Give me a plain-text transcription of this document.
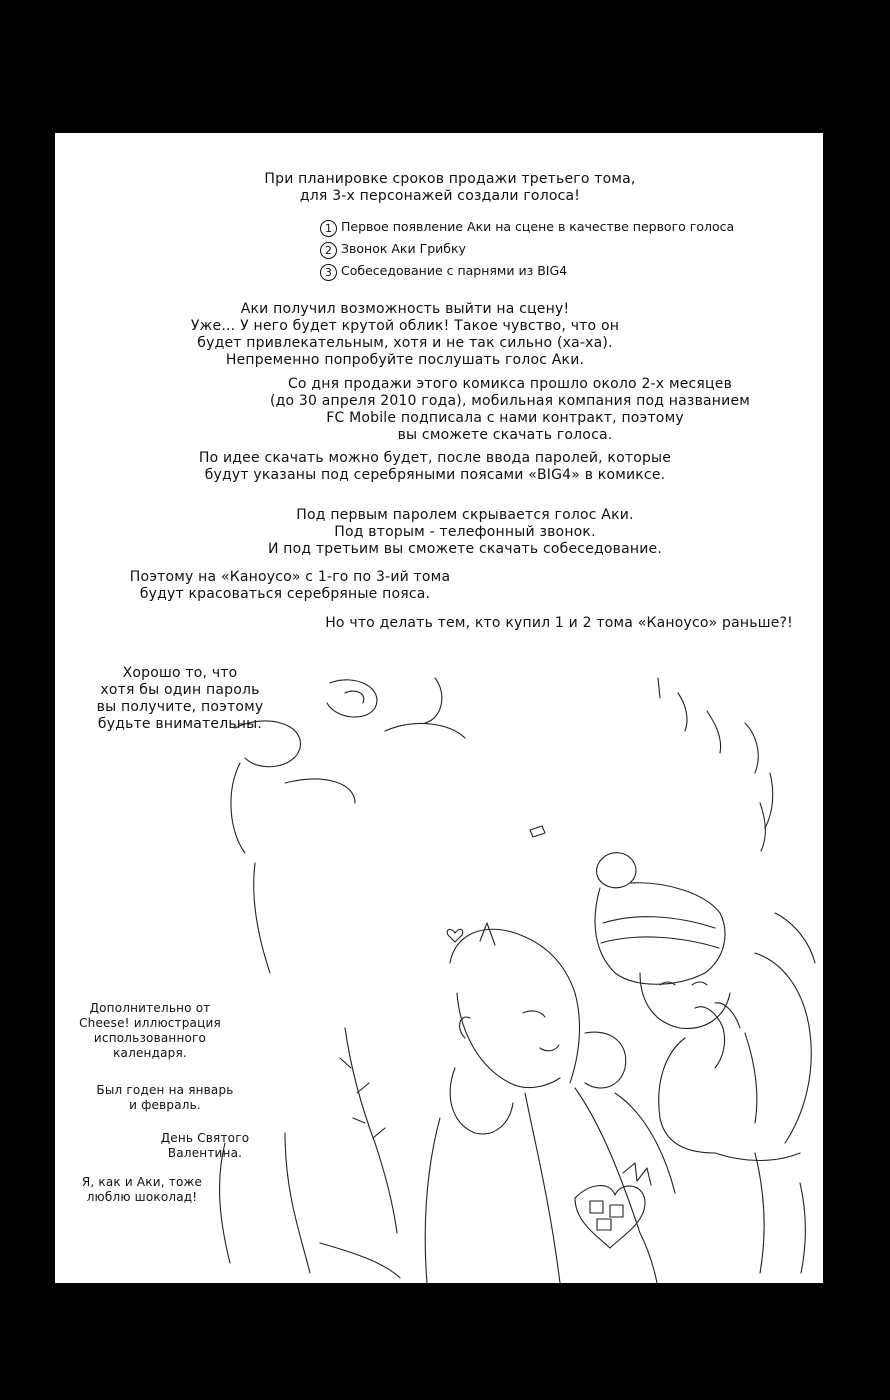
При планировке сроков продажи третьего тома,
для 3-х персонажей создали голоса!
1 Первое появление Аки на сцене в качестве первого голоса
2 Звонок Аки Грибку
3 Собеседование с парнями из BIG4
Аки получил возможность выйти на сцену!
Уже… У него будет крутой облик! Такое чувство, что он
будет привлекательным, хотя и не так сильно (ха-ха).
Непременно попробуйте послушать голос Аки.
Со дня продажи этого комикса прошло около 2-х месяцев
(до 30 апреля 2010 года), мобильная компания под названием
FC Mobile подписала с нами контракт, поэтому
вы сможете скачать голоса.
По идее скачать можно будет, после ввода паролей, которые
будут указаны под серебряными поясами «BIG4» в комиксе.
Под первым паролем скрывается голос Аки.
Под вторым - телефонный звонок.
И под третьим вы сможете скачать собеседование.
Поэтому на «Каноусо» с 1-го по 3-ий тома
будут красоваться серебряные пояса.
Но что делать тем, кто купил 1 и 2 тома «Каноусо» раньше?!
Хорошо то, что
хотя бы один пароль
вы получите, поэтому
будьте внимательны.
Дополнительно от
Cheese! иллюстрация
использованного
календаря.
Был годен на январь
и февраль.
День Святого
Валентина.
Я, как и Аки, тоже
люблю шоколад!
